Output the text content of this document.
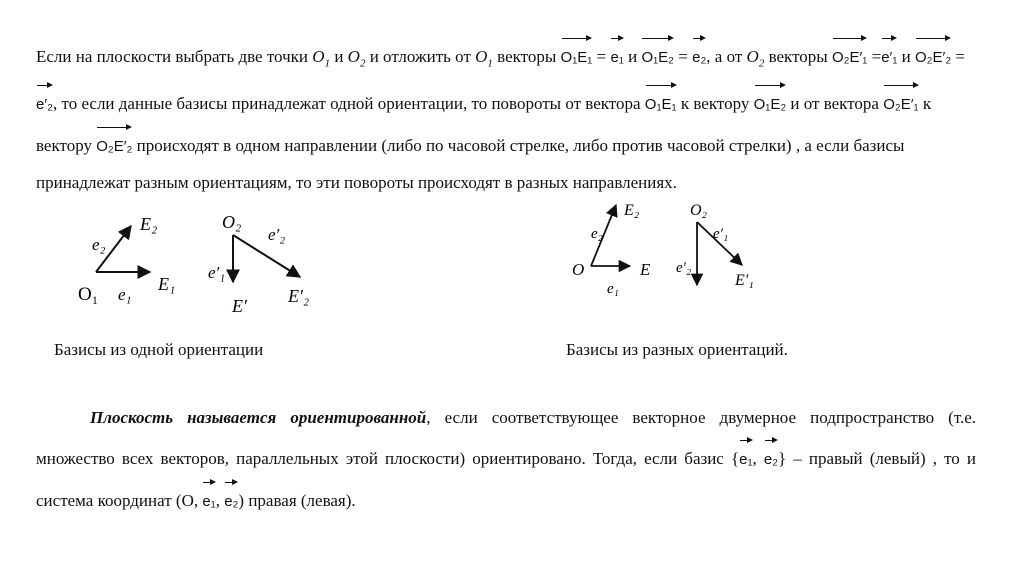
Если на плоскости выбрать две точки $O_1$ и $O_2$ и отложить от $O_1$ векторы O₁E₁ = e₁ и O₁E₂ = e₂, а от $O_2$ векторы O₂E′₁ =e′₁ и O₂E′₂ = e′₂, то если данные базисы принадлежат одной ориентации, то повороты от вектора O₁E₁ к вектору O₁E₂ и от вектора O₂E′₁ к вектору O₂E′₂ происходят в одном направлении (либо по часовой стрелке, либо против часовой стрелки) , а если базисы принадлежат разным ориентациям, то эти повороты происходят в разных направлениях.
e₂
E₂
O₁ e₁
E₁
O₂
e′₂
e′₁
E′ E′₂
e₂
E₂
O	E
e₁
O₂
e′₁
e′₂
E′₁
Базисы из одной ориентации	Базисы из разных ориентаций.
Плоскость называется ориентированной, если соответствующее векторное двумерное подпространство (т.е. множество всех векторов, параллельных этой плоскости) ориентировано. Тогда, если базис {e₁, e₂} – правый (левый) , то и система координат (O, e₁, e₂) правая (левая).
